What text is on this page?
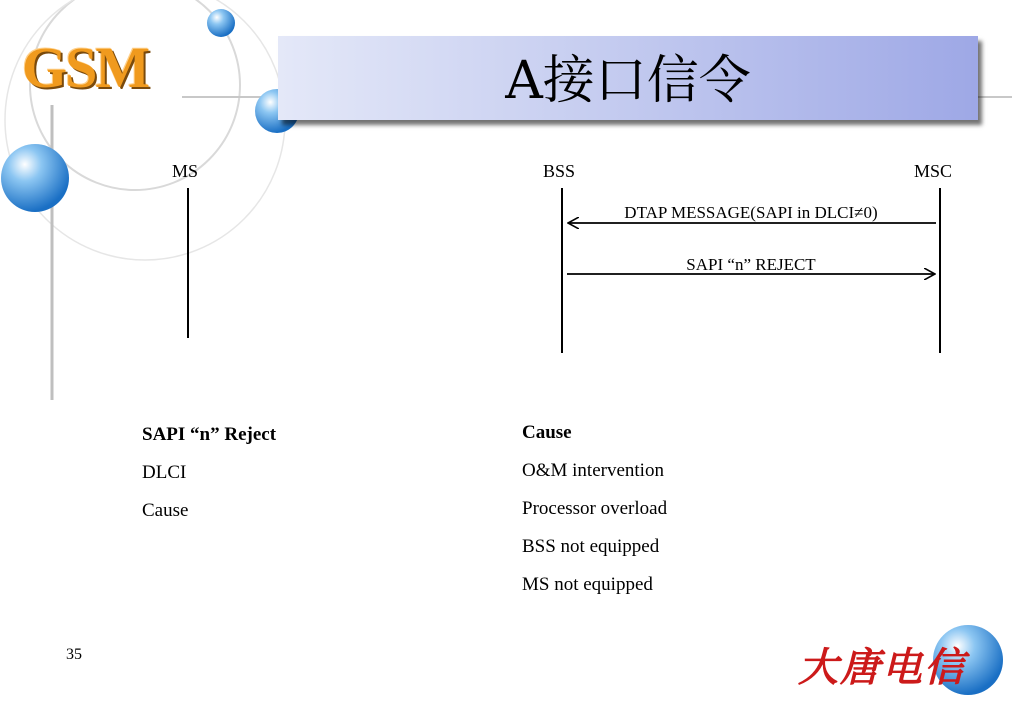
GSM	A接口信令
MS	BSS	MSC
DTAP MESSAGE(SAPI in DLCI≠0)
SAPI “n” REJECT
SAPI “n” Reject
DLCI
Cause
Cause
O&M intervention
Processor overload
BSS not equipped
MS not equipped
35	大唐电信
